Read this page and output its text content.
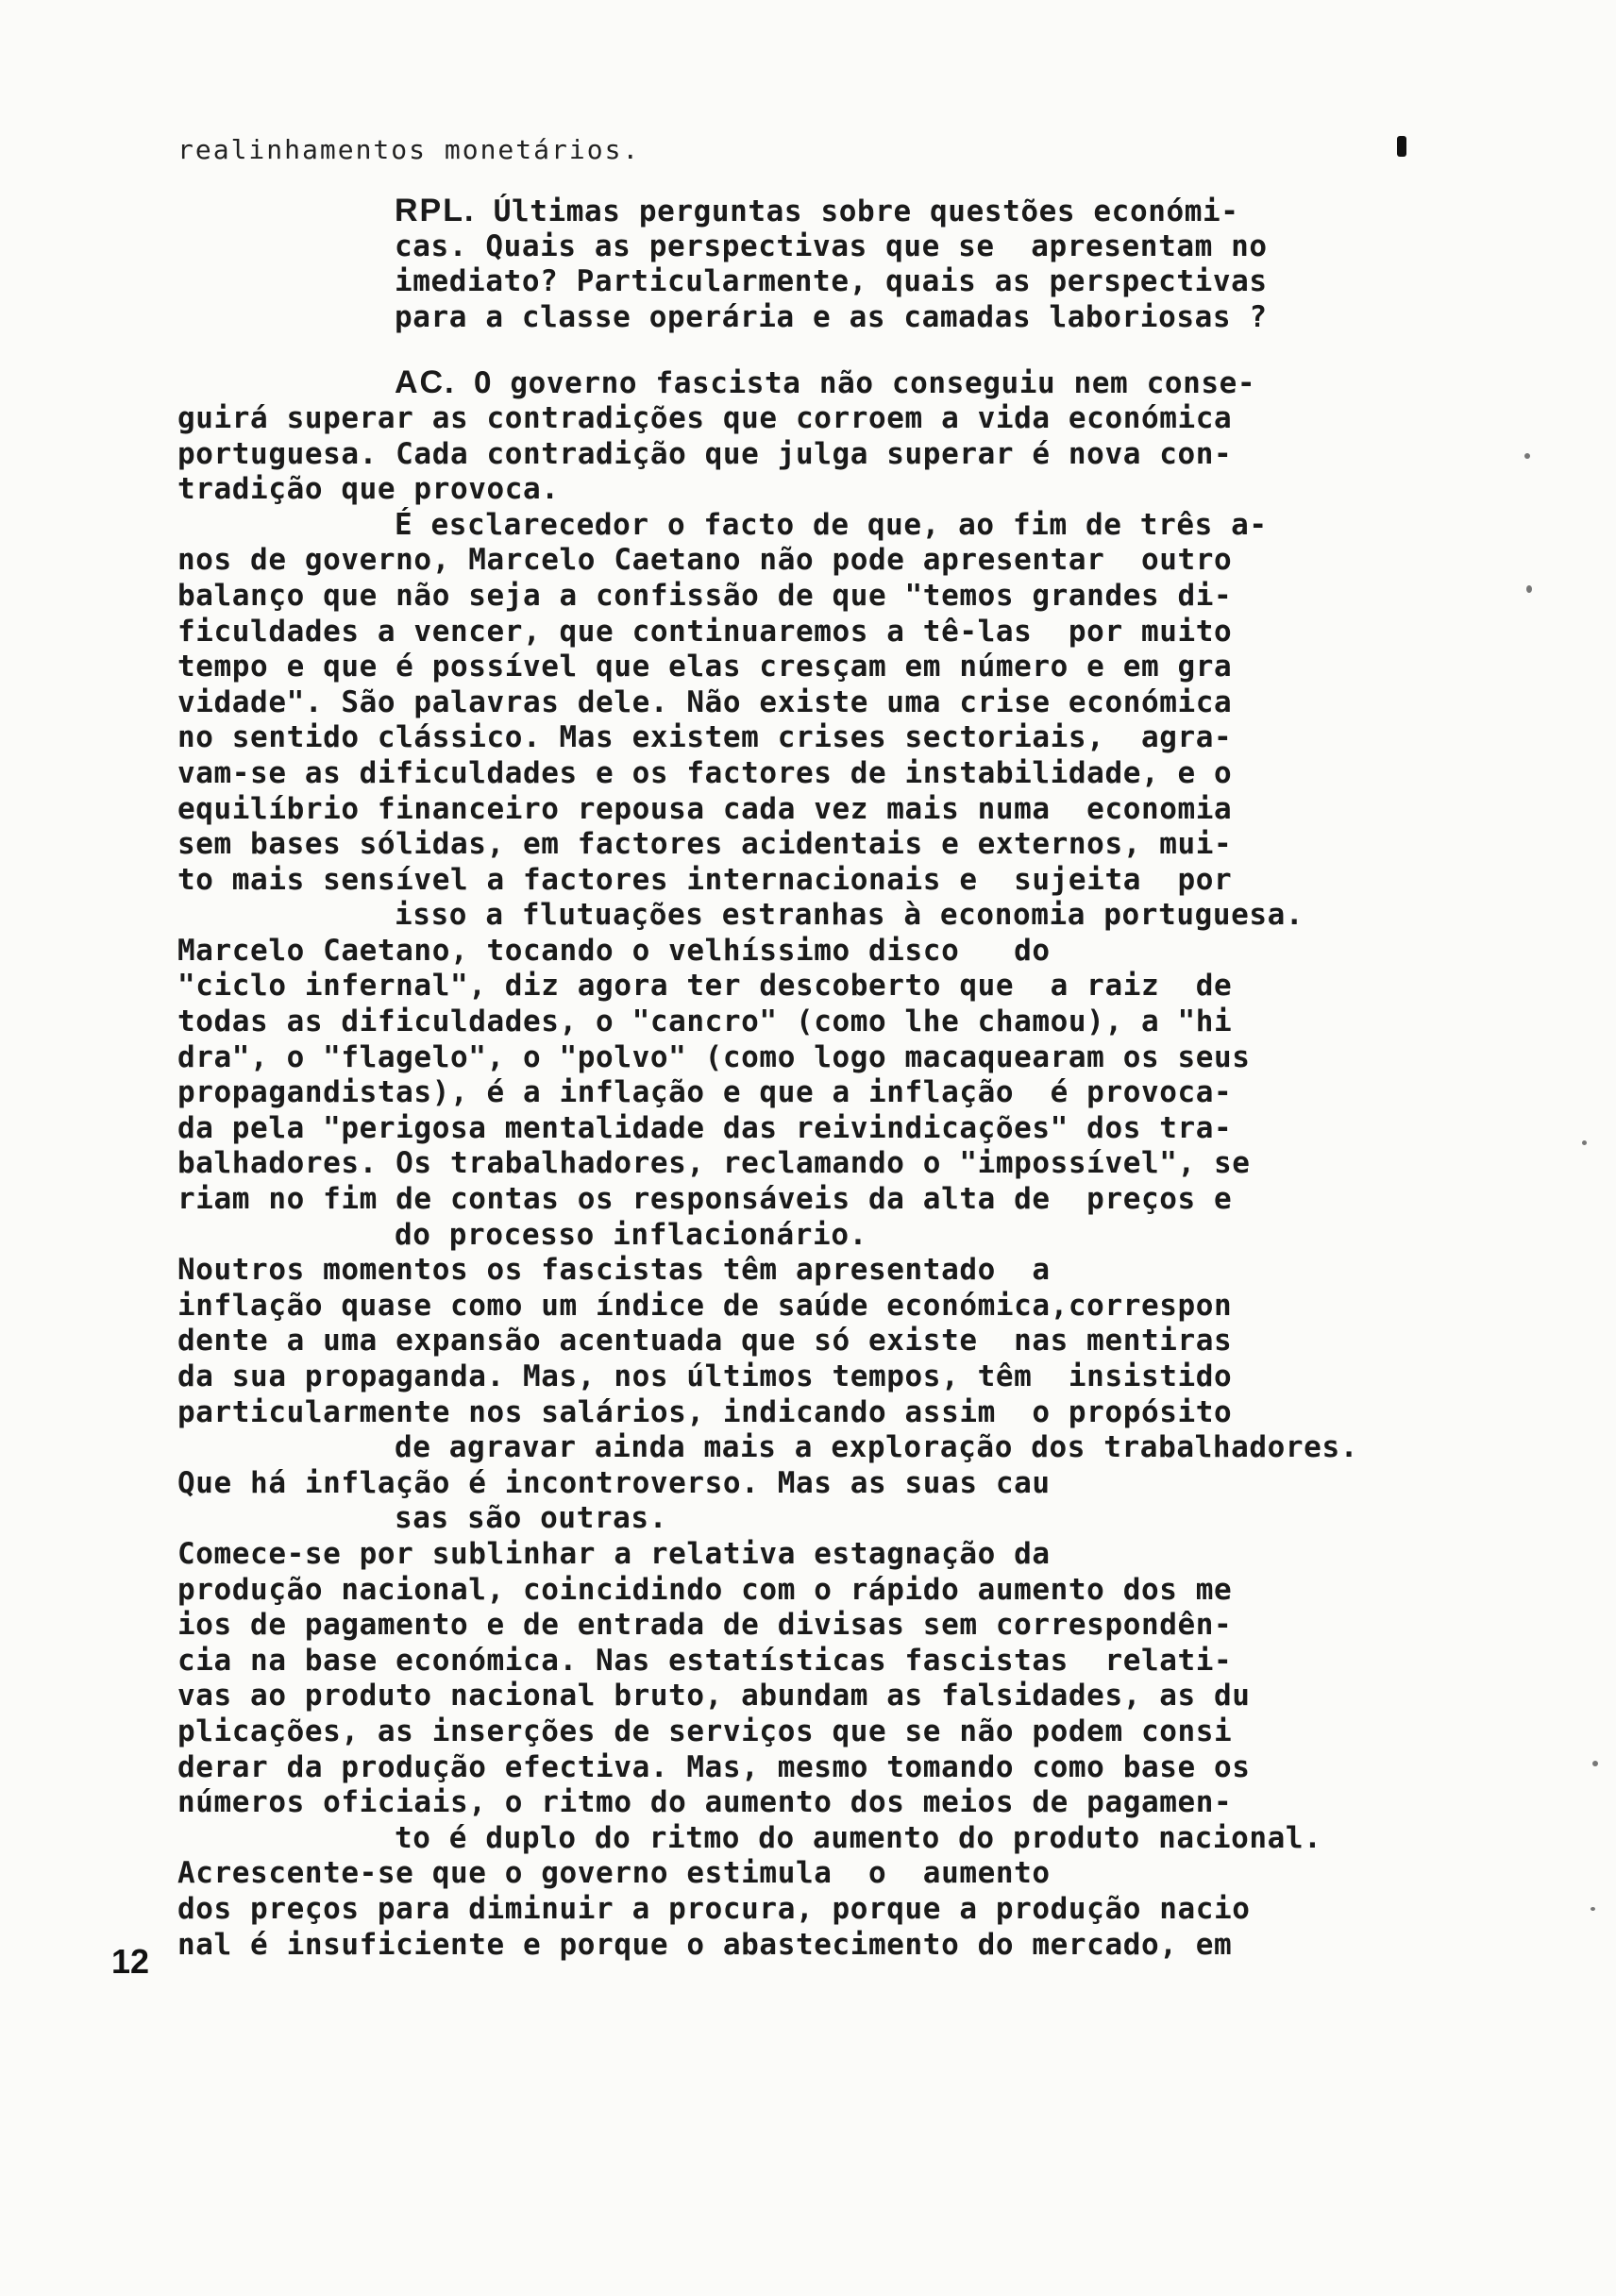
realinhamentos monetários.
RPL. Últimas perguntas sobre questões económi-
cas. Quais as perspectivas que se  apresentam no
imediato? Particularmente, quais as perspectivas
para a classe operária e as camadas laboriosas ?
AC. O governo fascista não conseguiu nem conse-
guirá superar as contradições que corroem a vida económica
portuguesa. Cada contradição que julga superar é nova con-
tradição que provoca.
É esclarecedor o facto de que, ao fim de três a-
nos de governo, Marcelo Caetano não pode apresentar  outro
balanço que não seja a confissão de que "temos grandes di-
ficuldades a vencer, que continuaremos a tê-las  por muito
tempo e que é possível que elas cresçam em número e em gra
vidade". São palavras dele. Não existe uma crise económica
no sentido clássico. Mas existem crises sectoriais,  agra-
vam-se as dificuldades e os factores de instabilidade, e o
equilíbrio financeiro repousa cada vez mais numa  economia
sem bases sólidas, em factores acidentais e externos, mui-
to mais sensível a factores internacionais e  sujeita  por
isso a flutuações estranhas à economia portuguesa.
Marcelo Caetano, tocando o velhíssimo disco   do
"ciclo infernal", diz agora ter descoberto que  a raiz  de
todas as dificuldades, o "cancro" (como lhe chamou), a "hi
dra", o "flagelo", o "polvo" (como logo macaquearam os seus
propagandistas), é a inflação e que a inflação  é provoca-
da pela "perigosa mentalidade das reivindicações" dos tra-
balhadores. Os trabalhadores, reclamando o "impossível", se
riam no fim de contas os responsáveis da alta de  preços e
do processo inflacionário.
Noutros momentos os fascistas têm apresentado  a
inflação quase como um índice de saúde económica,correspon
dente a uma expansão acentuada que só existe  nas mentiras
da sua propaganda. Mas, nos últimos tempos, têm  insistido
particularmente nos salários, indicando assim  o propósito
de agravar ainda mais a exploração dos trabalhadores.
Que há inflação é incontroverso. Mas as suas cau
sas são outras.
Comece-se por sublinhar a relativa estagnação da
produção nacional, coincidindo com o rápido aumento dos me
ios de pagamento e de entrada de divisas sem correspondên-
cia na base económica. Nas estatísticas fascistas  relati-
vas ao produto nacional bruto, abundam as falsidades, as du
plicações, as inserções de serviços que se não podem consi
derar da produção efectiva. Mas, mesmo tomando como base os
números oficiais, o ritmo do aumento dos meios de pagamen-
to é duplo do ritmo do aumento do produto nacional.
Acrescente-se que o governo estimula  o  aumento
dos preços para diminuir a procura, porque a produção nacio
nal é insuficiente e porque o abastecimento do mercado, em
12
